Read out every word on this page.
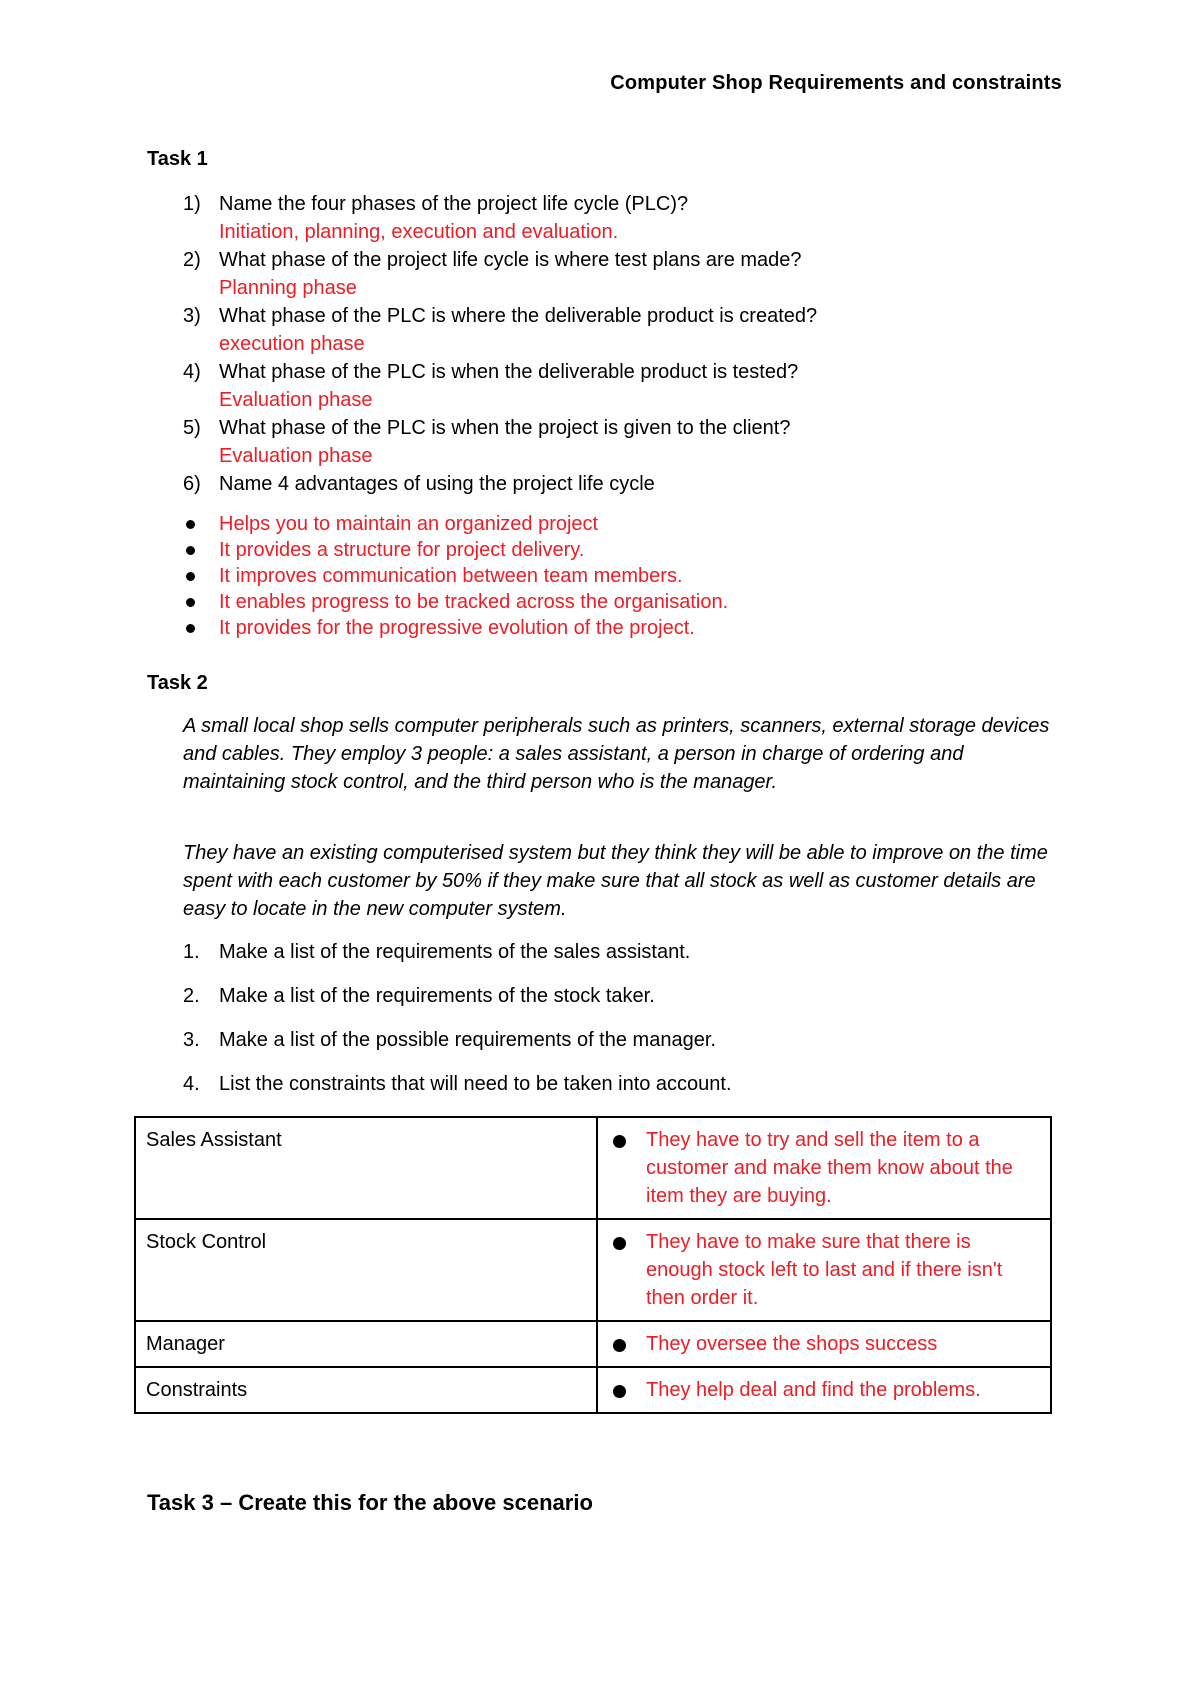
Computer Shop Requirements and constraints
Task 1
1) Name the four phases of the project life cycle (PLC)?
Initiation, planning, execution and evaluation.
2) What phase of the project life cycle is where test plans are made?
Planning phase
3) What phase of the PLC is where the deliverable product is created?
execution phase
4) What phase of the PLC is when the deliverable product is tested?
Evaluation phase
5) What phase of the PLC is when the project is given to the client?
Evaluation phase
6) Name 4 advantages of using the project life cycle
Helps you to maintain an organized project
It provides a structure for project delivery.
It improves communication between team members.
It enables progress to be tracked across the organisation.
It provides for the progressive evolution of the project.
Task 2
A small local shop sells computer peripherals such as printers, scanners, external storage devices and cables. They employ 3 people: a sales assistant, a person in charge of ordering and maintaining stock control, and the third person who is the manager.
They have an existing computerised system but they think they will be able to improve on the time spent with each customer by 50% if they make sure that all stock as well as customer details are easy to locate in the new computer system.
1. Make a list of the requirements of the sales assistant.
2. Make a list of the requirements of the stock taker.
3. Make a list of the possible requirements of the manager.
4. List the constraints that will need to be taken into account.
Sales Assistant	They have to try and sell the item to a customer and make them know about the item they are buying.

Stock Control	They have to make sure that there is enough stock left to last and if there isn't then order it.

Manager	They oversee the shops success

Constraints	They help deal and find the problems.
Task 3 – Create this for the above scenario
